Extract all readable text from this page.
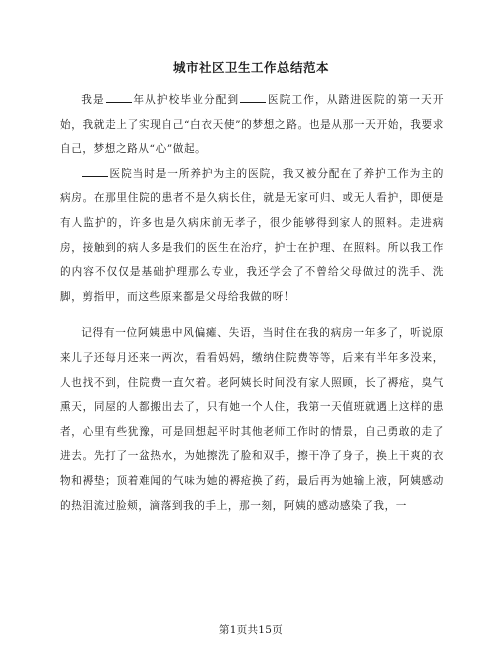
城市社区卫生工作总结范本

我是	年从护校毕业分配到	医院工作，从踏进医院的第一天开始，我就走上了实现自己“白衣天使”的梦想之路。也是从那一天开始，我要求自己，梦想之路从“心”做起。

医院当时是一所养护为主的医院，我又被分配在了养护工作为主的病房。在那里住院的患者不是久病长住，就是无家可归、或无人看护，即便是有人监护的，许多也是久病床前无孝子，很少能够得到家人的照料。走进病房，接触到的病人多是我们的医生在治疗，护士在护理、在照料。所以我工作的内容不仅仅是基础护理那么专业，我还学会了不曾给父母做过的洗手、洗脚，剪指甲，而这些原来都是父母给我做的呀！

记得有一位阿姨患中风偏瘫、失语，当时住在我的病房一年多了，听说原来儿子还每月还来一两次，看看妈妈，缴纳住院费等等，后来有半年多没来，人也找不到，住院费一直欠着。老阿姨长时间没有家人照顾，长了褥疮，臭气熏天，同屋的人都搬出去了，只有她一个人住，我第一天值班就遇上这样的患者，心里有些犹豫，可是回想起平时其他老师工作时的情景，自己勇敢的走了进去。先打了一盆热水，为她擦洗了脸和双手，擦干净了身子，换上干爽的衣物和褥垫；顶着难闻的气味为她的褥疮换了药，最后再为她输上液，阿姨感动的热泪流过脸颊，滴落到我的手上，那一刻，阿姨的感动感染了我，一

第1页共15页
